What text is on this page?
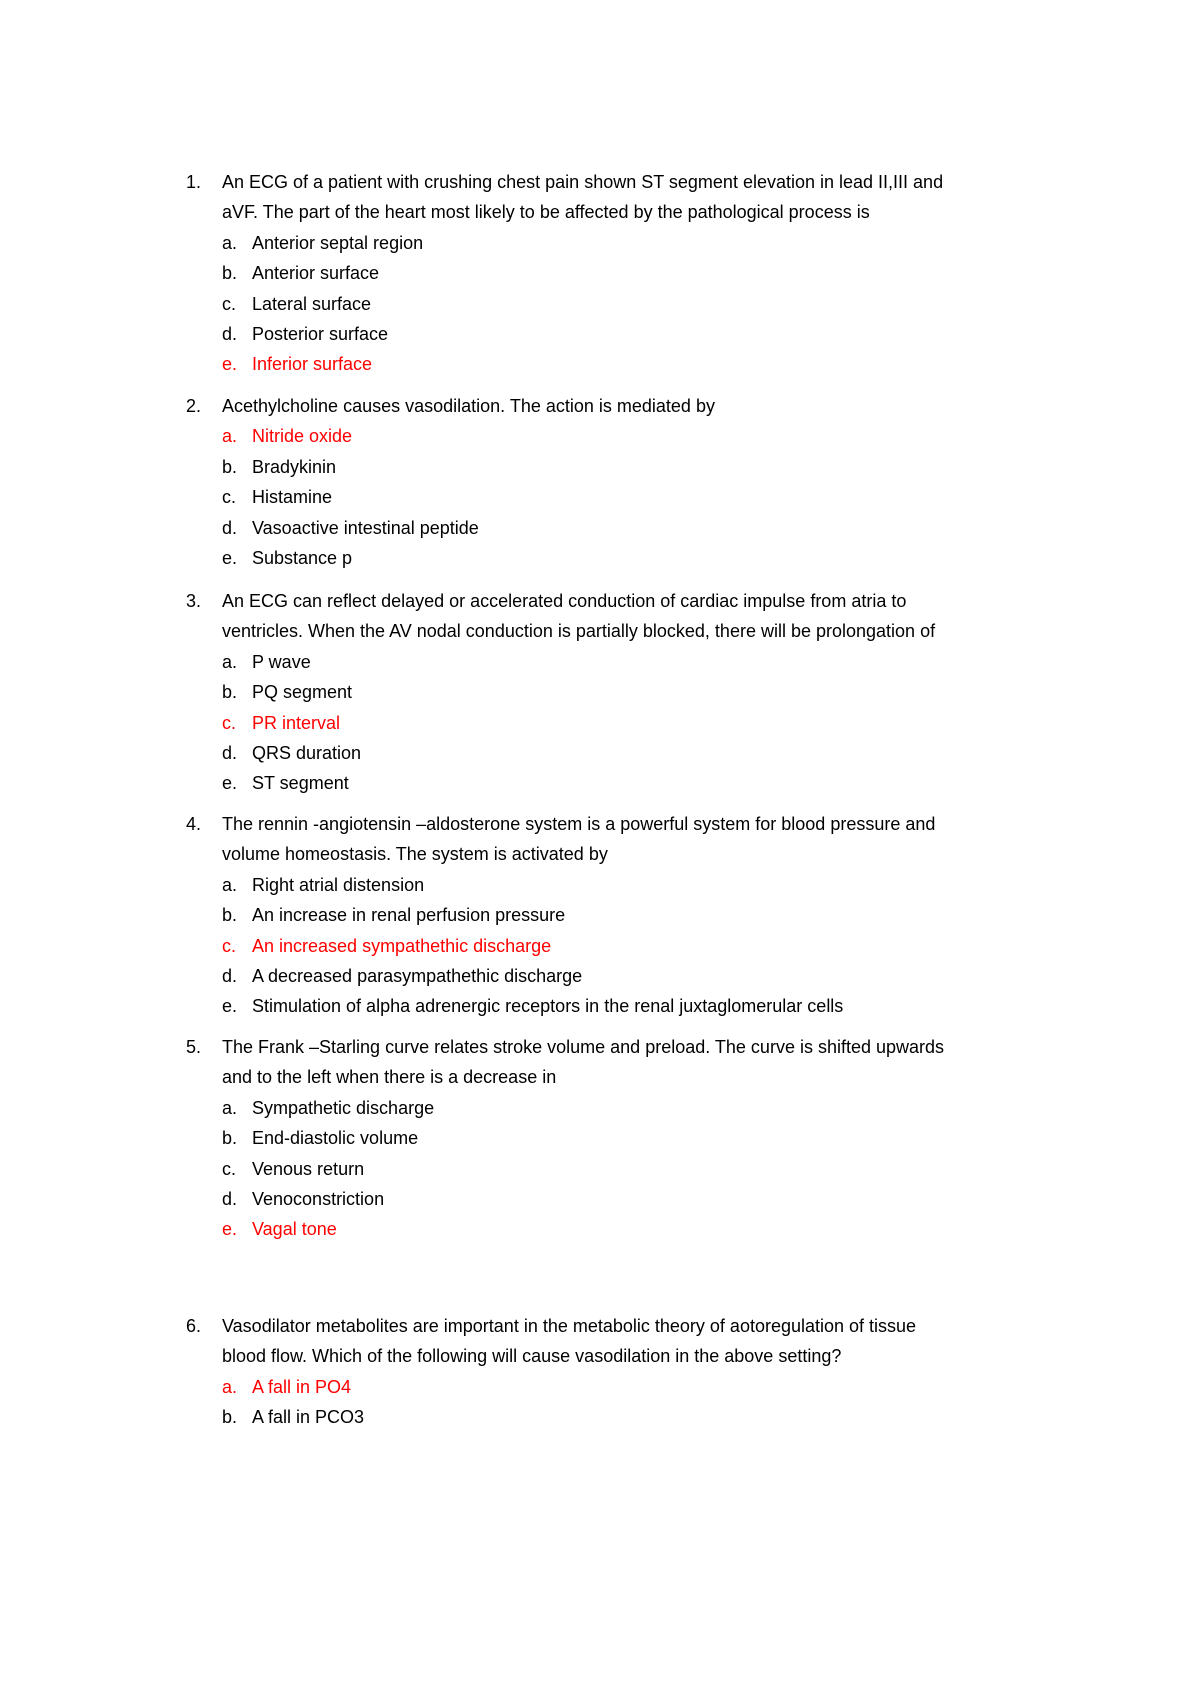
1.	An ECG of a patient with crushing chest pain shown ST segment elevation in lead II,III and
aVF. The part of the heart most likely to be affected by the pathological process is
a. Anterior septal region
b. Anterior surface
c. Lateral surface
d. Posterior surface
e. Inferior surface
2.	Acethylcholine causes vasodilation. The action is mediated by
a. Nitride oxide
b. Bradykinin
c. Histamine
d. Vasoactive intestinal peptide
e. Substance p
3.	An ECG can reflect delayed or accelerated conduction of cardiac impulse from atria to
ventricles. When the AV nodal conduction is partially blocked, there will be prolongation of
a. P wave
b. PQ segment
c. PR interval
d. QRS duration
e. ST segment
4.	The rennin -angiotensin –aldosterone system is a powerful system for blood pressure and
volume homeostasis. The system is activated by
a. Right atrial distension
b. An increase in renal perfusion pressure
c. An increased sympathethic discharge
d. A decreased parasympathethic discharge
e. Stimulation of alpha adrenergic receptors in the renal juxtaglomerular cells
5.	The Frank –Starling curve relates stroke volume and preload. The curve is shifted upwards
and to the left when there is a decrease in
a. Sympathetic discharge
b. End-diastolic volume
c. Venous return
d. Venoconstriction
e. Vagal tone
6.	Vasodilator metabolites are important in the metabolic theory of aotoregulation of tissue
blood flow. Which of the following will cause vasodilation in the above setting?
a. A fall in PO4
b. A fall in PCO3
